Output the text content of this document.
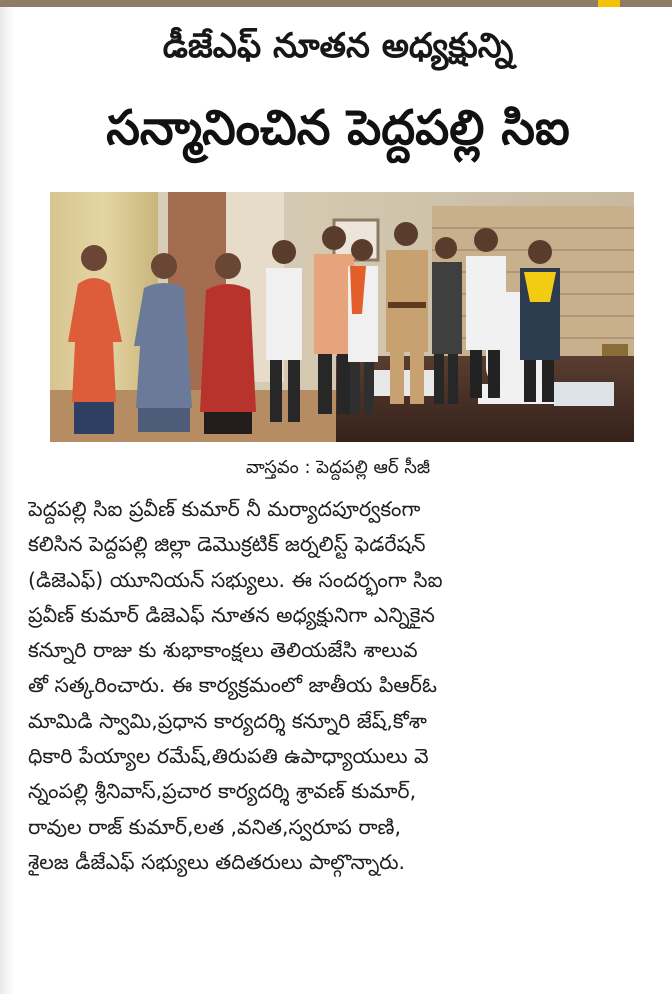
డీజేఎఫ్ నూతన అధ్యక్షున్ని
సన్మానించిన పెద్దపల్లి సిఐ
వాస్తవం : పెద్దపల్లి ఆర్ సీజీ
పెద్దపల్లి సిఐ ప్రవీణ్ కుమార్ నీ మర్యాదపూర్వకంగా
కలిసిన పెద్దపల్లి జిల్లా డెమొక్రటిక్ జర్నలిస్ట్ ఫెడరేషన్
(డిజెఎఫ్) యూనియన్ సభ్యులు. ఈ సందర్భంగా సిఐ
ప్రవీణ్ కుమార్ డిజెఎఫ్ నూతన అధ్యక్షునిగా ఎన్నికైన
కన్నూరి రాజు కు శుభాకాంక్షలు తెలియజేసి శాలువ
తో సత్కరించారు. ఈ కార్యక్రమంలో జాతీయ పిఆర్ఓ
మామిడి స్వామి,ప్రధాన కార్యదర్శి కన్నూరి జేష్,కోశా
ధికారి పేయ్యాల రమేష్,తిరుపతి ఉపాధ్యాయులు వె
న్నంపల్లి శ్రీనివాస్,ప్రచార కార్యదర్శి శ్రావణ్ కుమార్,
రావుల రాజ్ కుమార్,లత ,వనిత,స్వరూప రాణి,
శైలజ డీజేఎఫ్ సభ్యులు తదితరులు పాల్గొన్నారు.
